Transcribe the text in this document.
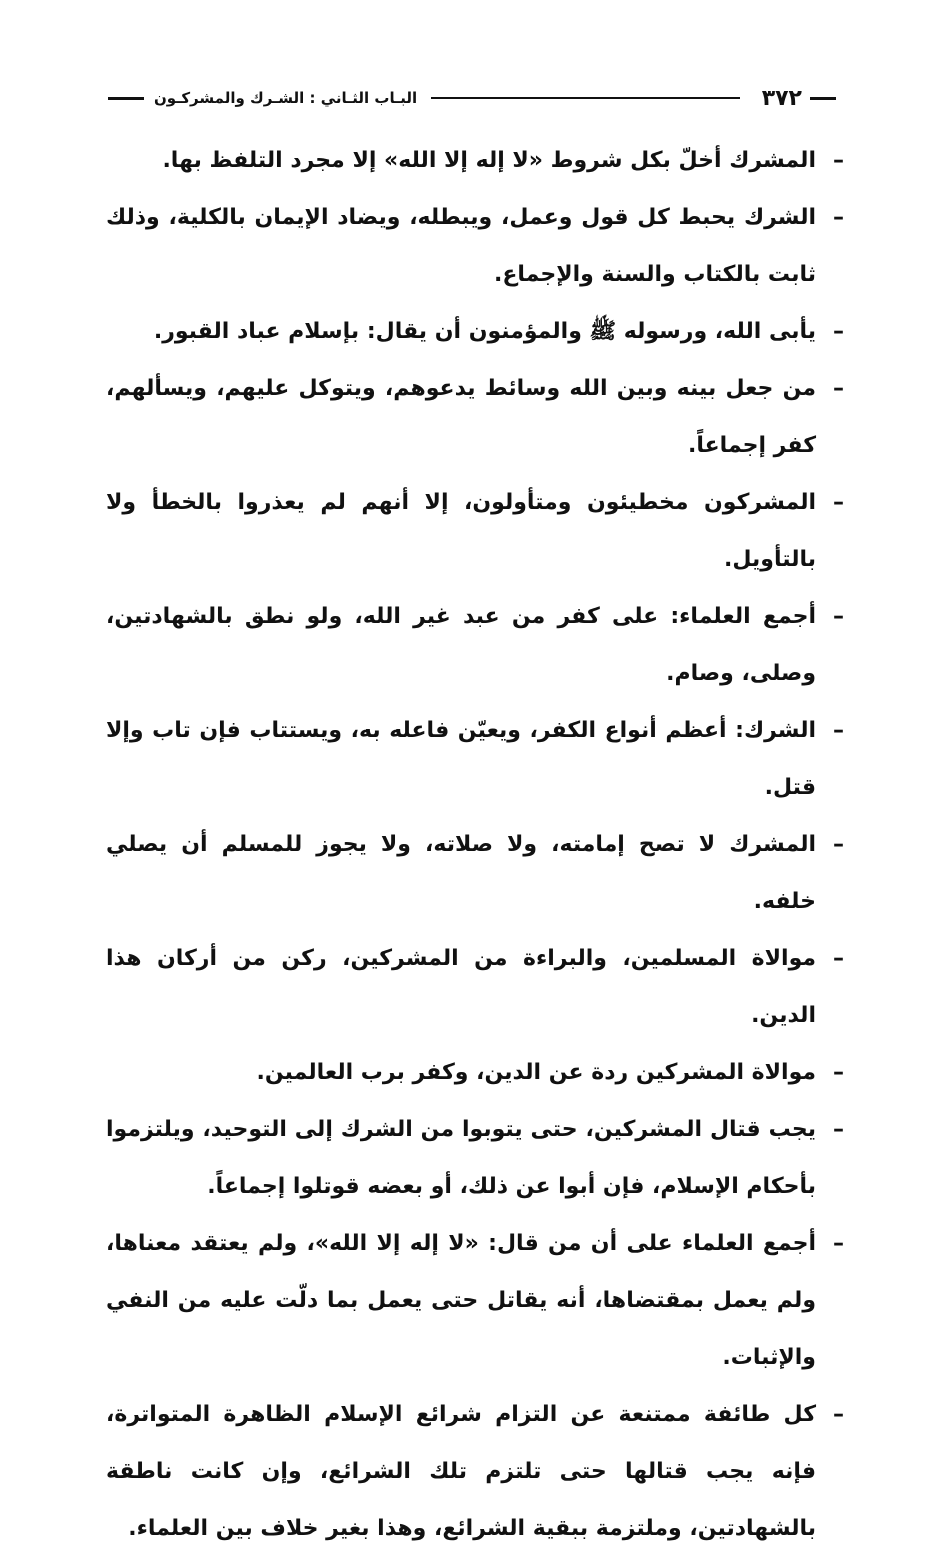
٣٧٢
البـاب الثـاني : الشـرك والمشركـون
–
المشرك أخلّ بكل شروط «لا إله إلا الله» إلا مجرد التلفظ بها.
–
الشرك يحبط كل قول وعمل، ويبطله، ويضاد الإيمان بالكلية، وذلك ثابت بالكتاب والسنة والإجماع.
–
يأبى الله، ورسوله ﷺ والمؤمنون أن يقال: بإسلام عباد القبور.
–
من جعل بينه وبين الله وسائط يدعوهم، ويتوكل عليهم، ويسألهم، كفر إجماعاً.
–
المشركون مخطيئون ومتأولون، إلا أنهم لم يعذروا بالخطأ ولا بالتأويل.
–
أجمع العلماء: على كفر من عبد غير الله، ولو نطق بالشهادتين، وصلى، وصام.
–
الشرك: أعظم أنواع الكفر، ويعيّن فاعله به، ويستتاب فإن تاب وإلا قتل.
–
المشرك لا تصح إمامته، ولا صلاته، ولا يجوز للمسلم أن يصلي خلفه.
–
موالاة المسلمين، والبراءة من المشركين، ركن من أركان هذا الدين.
–
موالاة المشركين ردة عن الدين، وكفر برب العالمين.
–
يجب قتال المشركين، حتى يتوبوا من الشرك إلى التوحيد، ويلتزموا بأحكام الإسلام، فإن أبوا عن ذلك، أو بعضه قوتلوا إجماعاً.
–
أجمع العلماء على أن من قال: «لا إله إلا الله»، ولم يعتقد معناها، ولم يعمل بمقتضاها، أنه يقاتل حتى يعمل بما دلّت عليه من النفي والإثبات.
–
كل طائفة ممتنعة عن التزام شرائع الإسلام الظاهرة المتواترة، فإنه يجب قتالها حتى تلتزم تلك الشرائع، وإن كانت ناطقة بالشهادتين، وملتزمة ببقية الشرائع، وهذا بغير خلاف بين العلماء.
